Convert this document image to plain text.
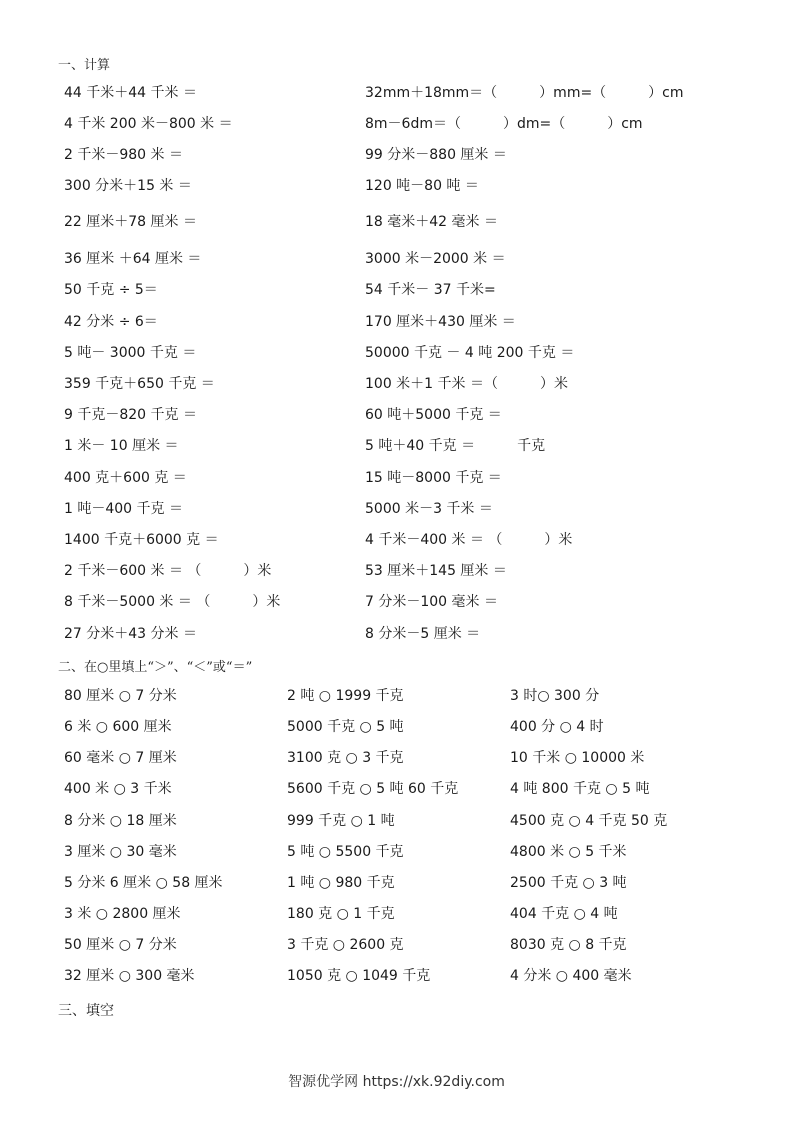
一、计算
44 千米＋44 千米 ＝
4 千米 200 米－800 米 ＝
2 千米－980 米 ＝
300 分米＋15 米 ＝
22 厘米＋78 厘米 ＝
36 厘米 ＋64 厘米 ＝
50 千克 ÷ 5＝
42 分米 ÷ 6＝
5 吨－ 3000 千克 ＝
359 千克＋650 千克 ＝
9 千克－820 千克 ＝
1 米－ 10 厘米 ＝
400 克＋600 克 ＝
1 吨－400 千克 ＝
1400 千克＋6000 克 ＝
2 千米－600 米 ＝ （　　　）米
8 千米－5000 米 ＝ （　　　）米
27 分米＋43 分米 ＝
32mm＋18mm＝（　　　）mm=（　　　）cm
8m－6dm＝（　　　）dm=（　　　）cm
99 分米－880 厘米 ＝
120 吨－80 吨 ＝
18 毫米＋42 毫米 ＝
3000 米－2000 米 ＝
54 千米－ 37 千米=
170 厘米＋430 厘米 ＝
50000 千克 － 4 吨 200 千克 ＝
100 米＋1 千米 ＝（　　　）米
60 吨＋5000 千克 ＝
5 吨＋40 千克 ＝　　　千克
15 吨－8000 千克 ＝
5000 米－3 千米 ＝
4 千米－400 米 ＝ （　　　）米
53 厘米＋145 厘米 ＝
7 分米－100 毫米 ＝
8 分米－5 厘米 ＝
二、在○里填上“＞”、“＜”或“＝”
80 厘米 ○ 7 分米
6 米 ○ 600 厘米
60 毫米 ○ 7 厘米
400 米 ○ 3 千米
8 分米 ○ 18 厘米
3 厘米 ○ 30 毫米
5 分米 6 厘米 ○ 58 厘米
3 米 ○ 2800 厘米
50 厘米 ○ 7 分米
32 厘米 ○ 300 毫米
2 吨 ○ 1999 千克
5000 千克 ○ 5 吨
3100 克 ○ 3 千克
5600 千克 ○ 5 吨 60 千克
999 千克 ○ 1 吨
5 吨 ○ 5500 千克
1 吨 ○ 980 千克
180 克 ○ 1 千克
3 千克 ○ 2600 克
1050 克 ○ 1049 千克
3 时○ 300 分
400 分 ○ 4 时
10 千米 ○ 10000 米
4 吨 800 千克 ○ 5 吨
4500 克 ○ 4 千克 50 克
4800 米 ○ 5 千米
2500 千克 ○ 3 吨
404 千克 ○ 4 吨
8030 克 ○ 8 千克
4 分米 ○ 400 毫米
三、填空
智源优学网 https://xk.92diy.com
